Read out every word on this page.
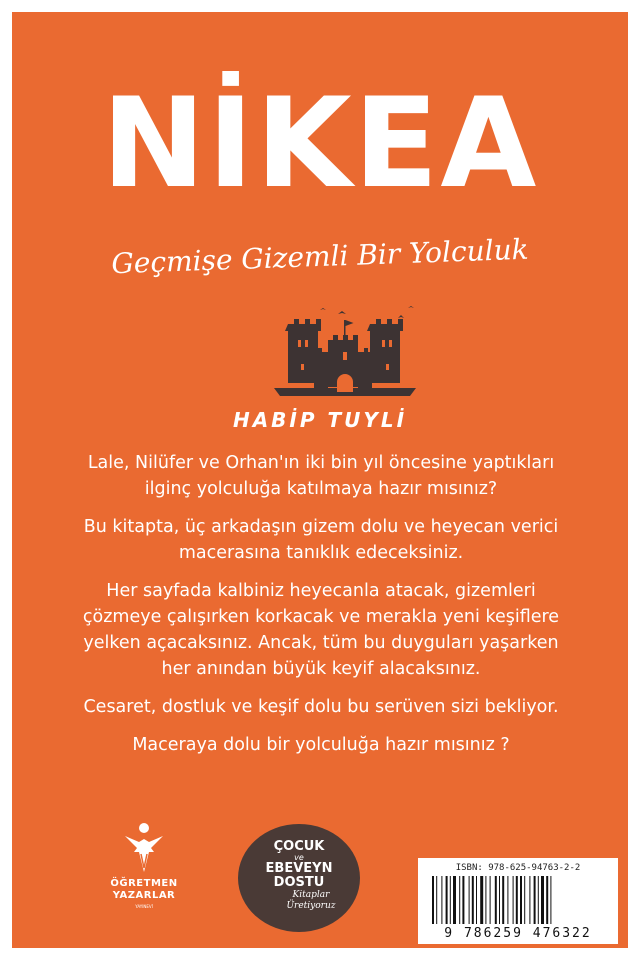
NİKEA
Geçmişe Gizemli Bir Yolculuk
HABİP TUYLİ

Lale, Nilüfer ve Orhan'ın iki bin yıl öncesine yaptıkları ilginç yolculuğa katılmaya hazır mısınız?

Bu kitapta, üç arkadaşın gizem dolu ve heyecan verici macerasına tanıklık edeceksiniz.

Her sayfada kalbiniz heyecanla atacak, gizemleri çözmeye çalışırken korkacak ve merakla yeni keşiflere yelken açacaksınız. Ancak, tüm bu duyguları yaşarken her anından büyük keyif alacaksınız.

Cesaret, dostluk ve keşif dolu bu serüven sizi bekliyor.

Maceraya dolu bir yolculuğa hazır mısınız ?

ÖĞRETMEN
YAZARLAR
YAYINEVİ
ÇOCUK
ve
EBEVEYN
DOSTU
Kitaplar
Üretiyoruz
ISBN: 978-625-94763-2-2
9 786259 476322
